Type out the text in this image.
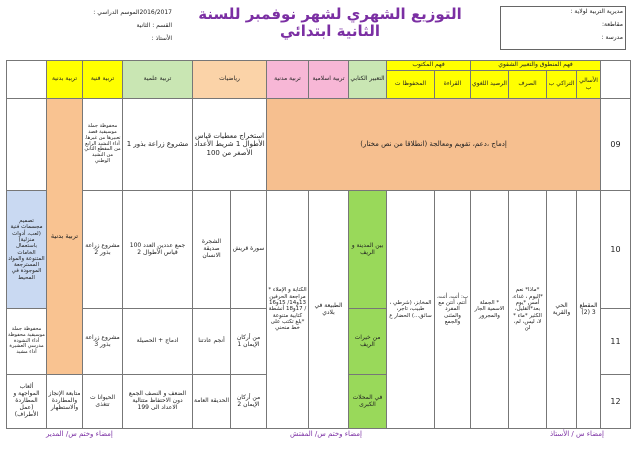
مديرية التربية لولاية :
مقاطعة:
مدرسة :
التوزيع الشهري لشهر نوفمبر للسنة الثانية ابتدائي
2016/2017الموسم الدراسي :
القسم : الثانية
الأستاذ :
	فهم المنطوق والتعبير الشفوي				فهم المكتوب		التعبير الكتابي	تربية اسلامية	تربية مدنية	رياضيات		تربية علمية	تربية فنية	تربية بدنية	
	الأسالي ب	التراكي ب	الصرف	الرصيد اللغوي	القراءة	المحفوظا ت									
09	إدماج ،دعم، تقويم ومعالجة (انطلاقا من نص مختار)									استخراج معطيات قياس الأطوال 1 شريط الأعداد الأصغر من 100		مشروع زراعة بذور 1	محفوظة جملة موسيقية قصد تعبيرها من غيرها. أداء النشيد الرابع من المقطع الثاني من النشيد الوطني	تربية بدنية	
10	المقطع 3 (2)	الحي والقرية	*ماذا* نعم *اليوم ، غداء، أمس *يوم بعد*القليل، الكثير *ماء * لا، ليس، لم، لن	* الجملة الاسمية الجار والمجرور	ب: أنت، أنت، أنتم، أنتن مع المفرد والمثنى والجمع	المخابز، (شرطي ، طبيب، تاجر، سائق...) الحضار ع	بين المدينة و الريف	الطبيعة في بلادي	الكتابة و الإملاء * مراجعة الحرفين 13و14/ 15و16 / 17و18 أنشطة كتابية متنوعة *بلغ تكتب على خط منحني	سورة قريش	الشجرة صديقة الانسان	جمع عددين العدد 100 قياس الأطوال 2	مشروع زراعة بذور 2		تصميم مجسمات فنية (لعب، أدوات منزلية) باستعمال الخامات المتنوعة والمواد المسترجعة الموجودة في المحيط
11							من خيرات الريف			من أركان الإيمان 1	أنجم عادتنا	ادماج + الحصيلة	مشروع زراعة بذور 3		محفوظة جملة موسيقية محفوظة أداء النشودة مدرسي العشيرة أداء مشيد
12							في المحلات الكبرى			من أركان الإيمان 2	الحديقة العامة	الضعف و النصف الجمع دون الاحتفاظ متتالية الاعداد الى 199	الحيوانا ت تتغذى	متابعة الإنجاز والمطاردة والاستظهار	ألعاب المواجهة و المطاردة (عمل الأطراف)
إمضاء س / الأستاذ
إمضاء وختم س/ المفتش
إمضاء وختم س/ المدير
